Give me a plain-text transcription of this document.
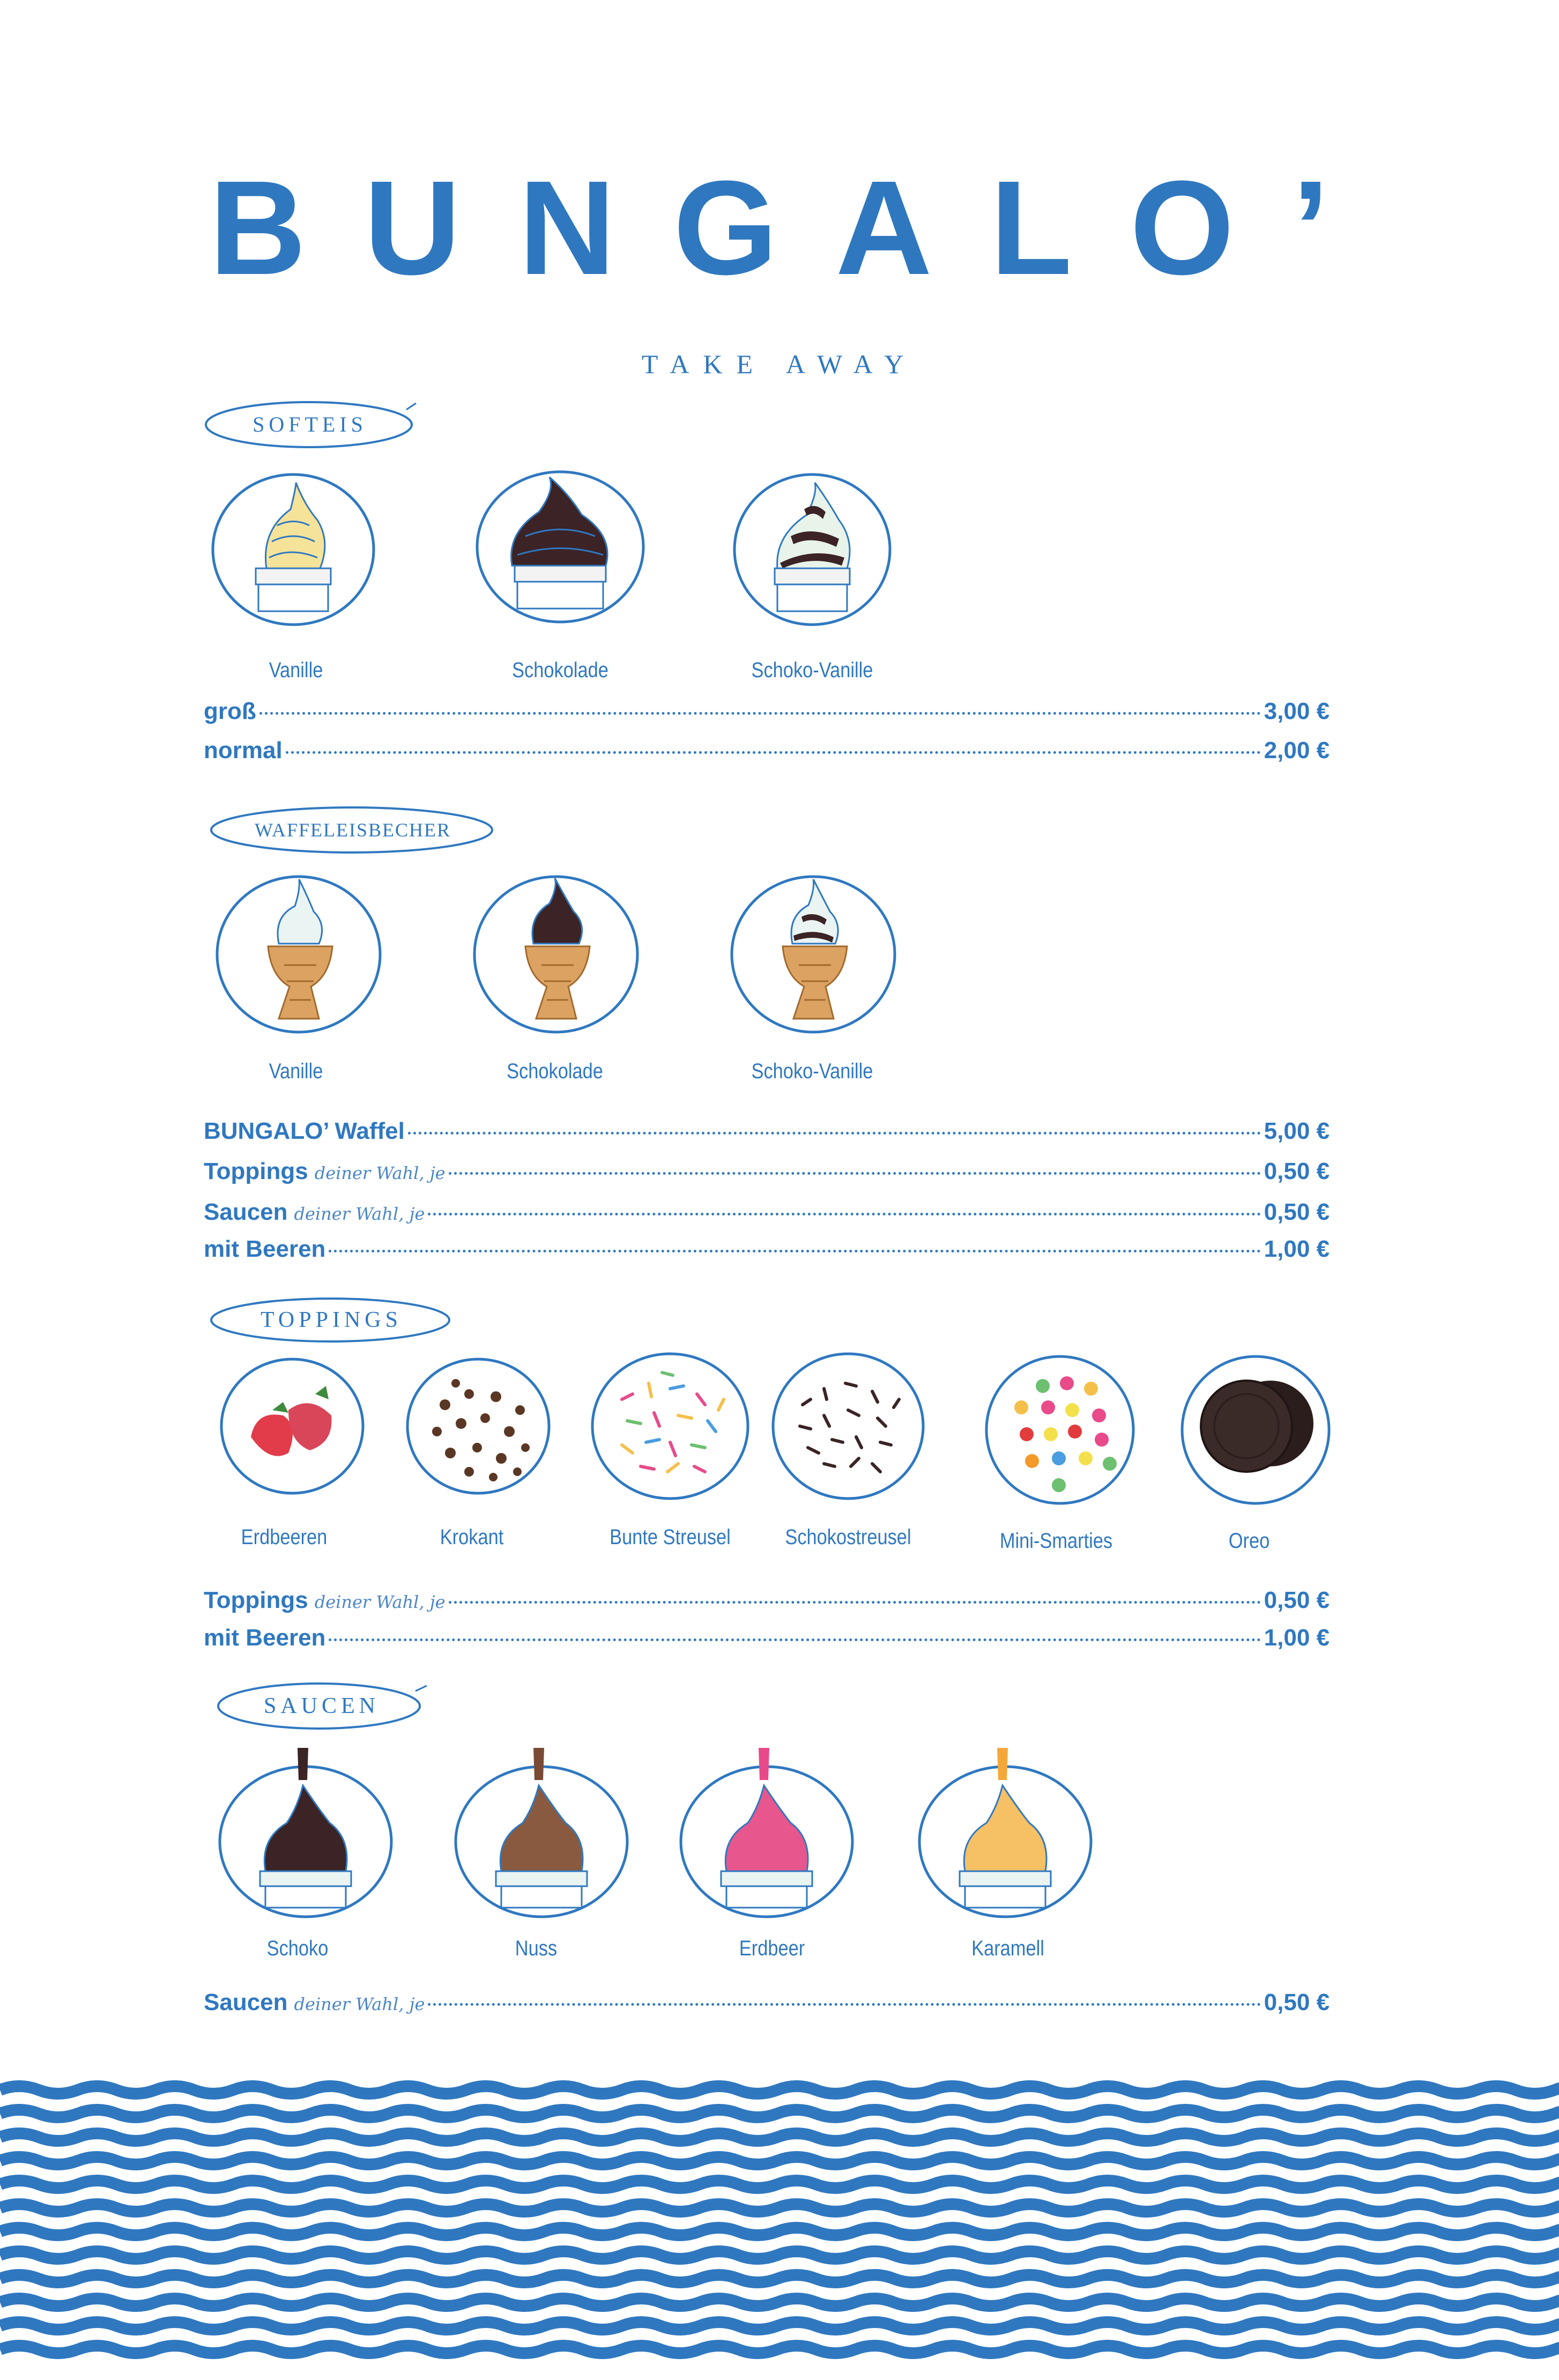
BUNGALO’
TAKE AWAY
SOFTEIS
Vanille	Schokolade	Schoko-Vanille
groß	3,00 €
normal	2,00 €
WAFFELEISBECHER
Vanille	Schokolade	Schoko-Vanille
BUNGALO’ Waffel	5,00 €
Toppings deiner Wahl, je	0,50 €
Saucen deiner Wahl, je	0,50 €
mit Beeren	1,00 €
TOPPINGS
Erdbeeren	Krokant	Bunte Streusel	Schokostreusel	Mini-Smarties	Oreo
Toppings deiner Wahl, je	0,50 €
mit Beeren	1,00 €
SAUCEN
Schoko	Nuss	Erdbeer	Karamell
Saucen deiner Wahl, je	0,50 €
